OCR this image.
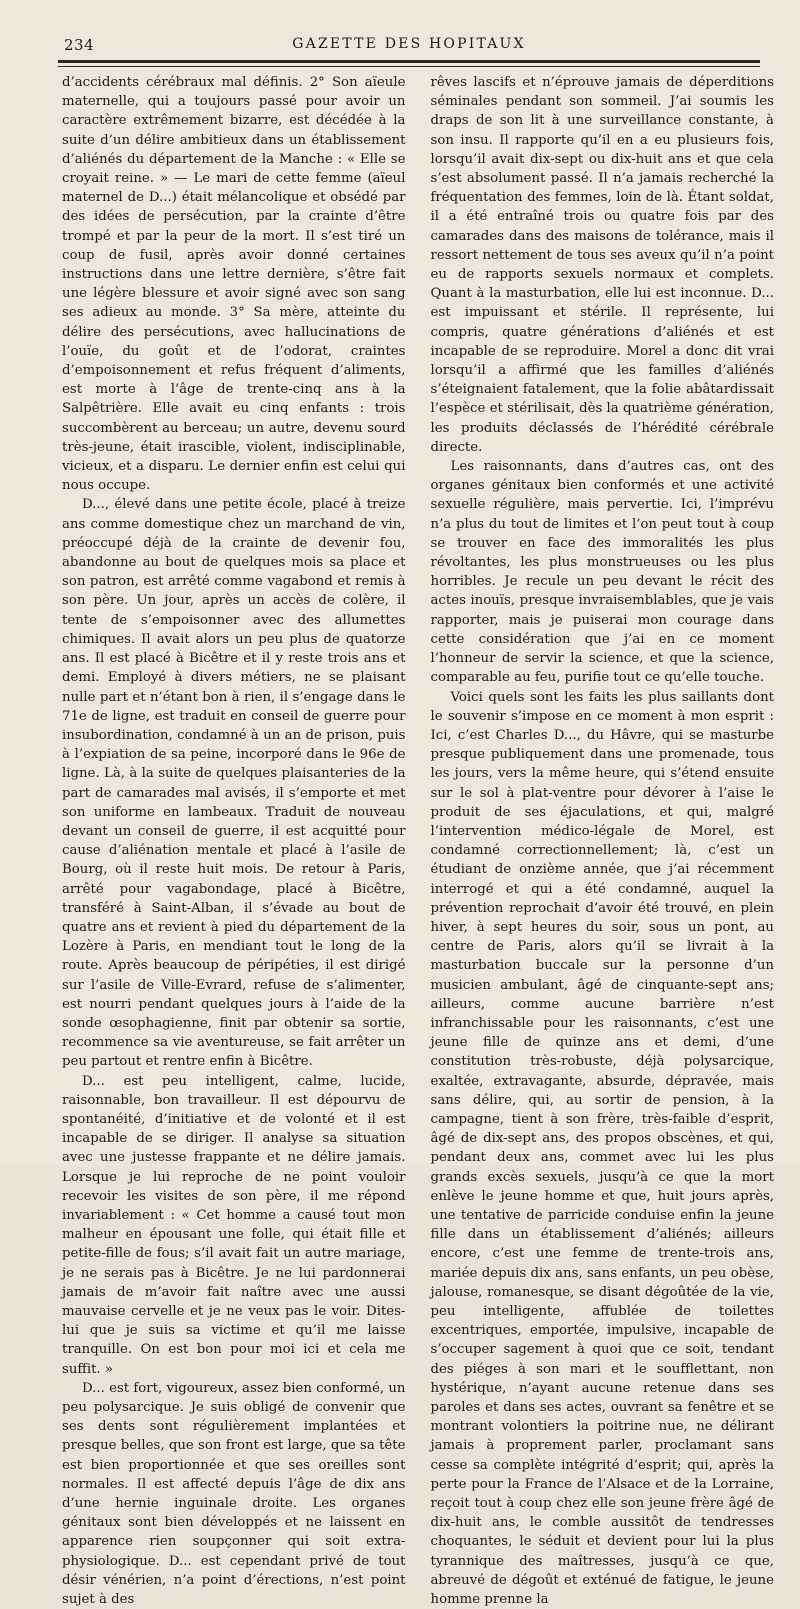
234	GAZETTE DES HOPITAUX

d’accidents cérébraux mal définis. 2° Son aïeule maternelle, qui a toujours passé pour avoir un caractère extrêmement bizarre, est décédée à la suite d’un délire ambitieux dans un établissement d’aliénés du département de la Manche : « Elle se croyait reine. » — Le mari de cette femme (aïeul maternel de D...) était mélancolique et obsédé par des idées de persécution, par la crainte d’être trompé et par la peur de la mort. Il s’est tiré un coup de fusil, après avoir donné certaines instructions dans une lettre dernière, s’être fait une légère blessure et avoir signé avec son sang ses adieux au monde. 3° Sa mère, atteinte du délire des persécutions, avec hallucinations de l’ouïe, du goût et de l’odorat, craintes d’empoisonnement et refus fréquent d’aliments, est morte à l’âge de trente-cinq ans à la Salpêtrière. Elle avait eu cinq enfants : trois succombèrent au berceau; un autre, devenu sourd très-jeune, était irascible, violent, indisciplinable, vicieux, et a disparu. Le dernier enfin est celui qui nous occupe.

D..., élevé dans une petite école, placé à treize ans comme domestique chez un marchand de vin, préoccupé déjà de la crainte de devenir fou, abandonne au bout de quelques mois sa place et son patron, est arrêté comme vagabond et remis à son père. Un jour, après un accès de colère, il tente de s’empoisonner avec des allumettes chimiques. Il avait alors un peu plus de quatorze ans. Il est placé à Bicêtre et il y reste trois ans et demi. Employé à divers métiers, ne se plaisant nulle part et n’étant bon à rien, il s’engage dans le 71e de ligne, est traduit en conseil de guerre pour insubordination, condamné à un an de prison, puis à l’expiation de sa peine, incorporé dans le 96e de ligne. Là, à la suite de quelques plaisanteries de la part de camarades mal avisés, il s’emporte et met son uniforme en lambeaux. Traduit de nouveau devant un conseil de guerre, il est acquitté pour cause d’aliénation mentale et placé à l’asile de Bourg, où il reste huit mois. De retour à Paris, arrêté pour vagabondage, placé à Bicêtre, transféré à Saint-Alban, il s’évade au bout de quatre ans et revient à pied du département de la Lozère à Paris, en mendiant tout le long de la route. Après beaucoup de péripéties, il est dirigé sur l’asile de Ville-Evrard, refuse de s’alimenter, est nourri pendant quelques jours à l’aide de la sonde œsophagienne, finit par obtenir sa sortie, recommence sa vie aventureuse, se fait arrêter un peu partout et rentre enfin à Bicêtre.

D... est peu intelligent, calme, lucide, raisonnable, bon travailleur. Il est dépourvu de spontanéité, d’initiative et de volonté et il est incapable de se diriger. Il analyse sa situation avec une justesse frappante et ne délire jamais. Lorsque je lui reproche de ne point vouloir recevoir les visites de son père, il me répond invariablement : « Cet homme a causé tout mon malheur en épousant une folle, qui était fille et petite-fille de fous; s’il avait fait un autre mariage, je ne serais pas à Bicêtre. Je ne lui pardonnerai jamais de m’avoir fait naître avec une aussi mauvaise cervelle et je ne veux pas le voir. Dites-lui que je suis sa victime et qu’il me laisse tranquille. On est bon pour moi ici et cela me suffit. »

D... est fort, vigoureux, assez bien conformé, un peu polysarcique. Je suis obligé de convenir que ses dents sont régulièrement implantées et presque belles, que son front est large, que sa tête est bien proportionnée et que ses oreilles sont normales. Il est affecté depuis l’âge de dix ans d’une hernie inguinale droite. Les organes génitaux sont bien développés et ne laissent en apparence rien soupçonner qui soit extra-physiologique. D... est cependant privé de tout désir vénérien, n’a point d’érections, n’est point sujet à des

rêves lascifs et n’éprouve jamais de déperditions séminales pendant son sommeil. J’ai soumis les draps de son lit à une surveillance constante, à son insu. Il rapporte qu’il en a eu plusieurs fois, lorsqu’il avait dix-sept ou dix-huit ans et que cela s’est absolument passé. Il n’a jamais recherché la fréquentation des femmes, loin de là. Étant soldat, il a été entraîné trois ou quatre fois par des camarades dans des maisons de tolérance, mais il ressort nettement de tous ses aveux qu’il n’a point eu de rapports sexuels normaux et complets. Quant à la masturbation, elle lui est inconnue. D... est impuissant et stérile. Il représente, lui compris, quatre générations d’aliénés et est incapable de se reproduire. Morel a donc dit vrai lorsqu’il a affirmé que les familles d’aliénés s’éteignaient fatalement, que la folie abâtardissait l’espèce et stérilisait, dès la quatrième génération, les produits déclassés de l’hérédité cérébrale directe.

Les raisonnants, dans d’autres cas, ont des organes génitaux bien conformés et une activité sexuelle régulière, mais pervertie. Ici, l’imprévu n’a plus du tout de limites et l’on peut tout à coup se trouver en face des immoralités les plus révoltantes, les plus monstrueuses ou les plus horribles. Je recule un peu devant le récit des actes inouïs, presque invraisemblables, que je vais rapporter, mais je puiserai mon courage dans cette considération que j’ai en ce moment l’honneur de servir la science, et que la science, comparable au feu, purifie tout ce qu’elle touche.

Voici quels sont les faits les plus saillants dont le souvenir s’impose en ce moment à mon esprit : Ici, c’est Charles D..., du Hâvre, qui se masturbe presque publiquement dans une promenade, tous les jours, vers la même heure, qui s’étend ensuite sur le sol à plat-ventre pour dévorer à l’aise le produit de ses éjaculations, et qui, malgré l’intervention médico-légale de Morel, est condamné correctionnellement; là, c’est un étudiant de onzième année, que j’ai récemment interrogé et qui a été condamné, auquel la prévention reprochait d’avoir été trouvé, en plein hiver, à sept heures du soir, sous un pont, au centre de Paris, alors qu’il se livrait à la masturbation buccale sur la personne d’un musicien ambulant, âgé de cinquante-sept ans; ailleurs, comme aucune barrière n’est infranchissable pour les raisonnants, c’est une jeune fille de quinze ans et demi, d’une constitution très-robuste, déjà polysarcique, exaltée, extravagante, absurde, dépravée, mais sans délire, qui, au sortir de pension, à la campagne, tient à son frère, très-faible d’esprit, âgé de dix-sept ans, des propos obscènes, et qui, pendant deux ans, commet avec lui les plus grands excès sexuels, jusqu’à ce que la mort enlève le jeune homme et que, huit jours après, une tentative de parricide conduise enfin la jeune fille dans un établissement d’aliénés; ailleurs encore, c’est une femme de trente-trois ans, mariée depuis dix ans, sans enfants, un peu obèse, jalouse, romanesque, se disant dégoûtée de la vie, peu intelligente, affublée de toilettes excentriques, emportée, impulsive, incapable de s’occuper sagement à quoi que ce soit, tendant des piéges à son mari et le soufflettant, non hystérique, n’ayant aucune retenue dans ses paroles et dans ses actes, ouvrant sa fenêtre et se montrant volontiers la poitrine nue, ne délirant jamais à proprement parler, proclamant sans cesse sa complète intégrité d’esprit; qui, après la perte pour la France de l’Alsace et de la Lorraine, reçoit tout à coup chez elle son jeune frère âgé de dix-huit ans, le comble aussitôt de tendresses choquantes, le séduit et devient pour lui la plus tyrannique des maîtresses, jusqu’à ce que, abreuvé de dégoût et exténué de fatigue, le jeune homme prenne la
